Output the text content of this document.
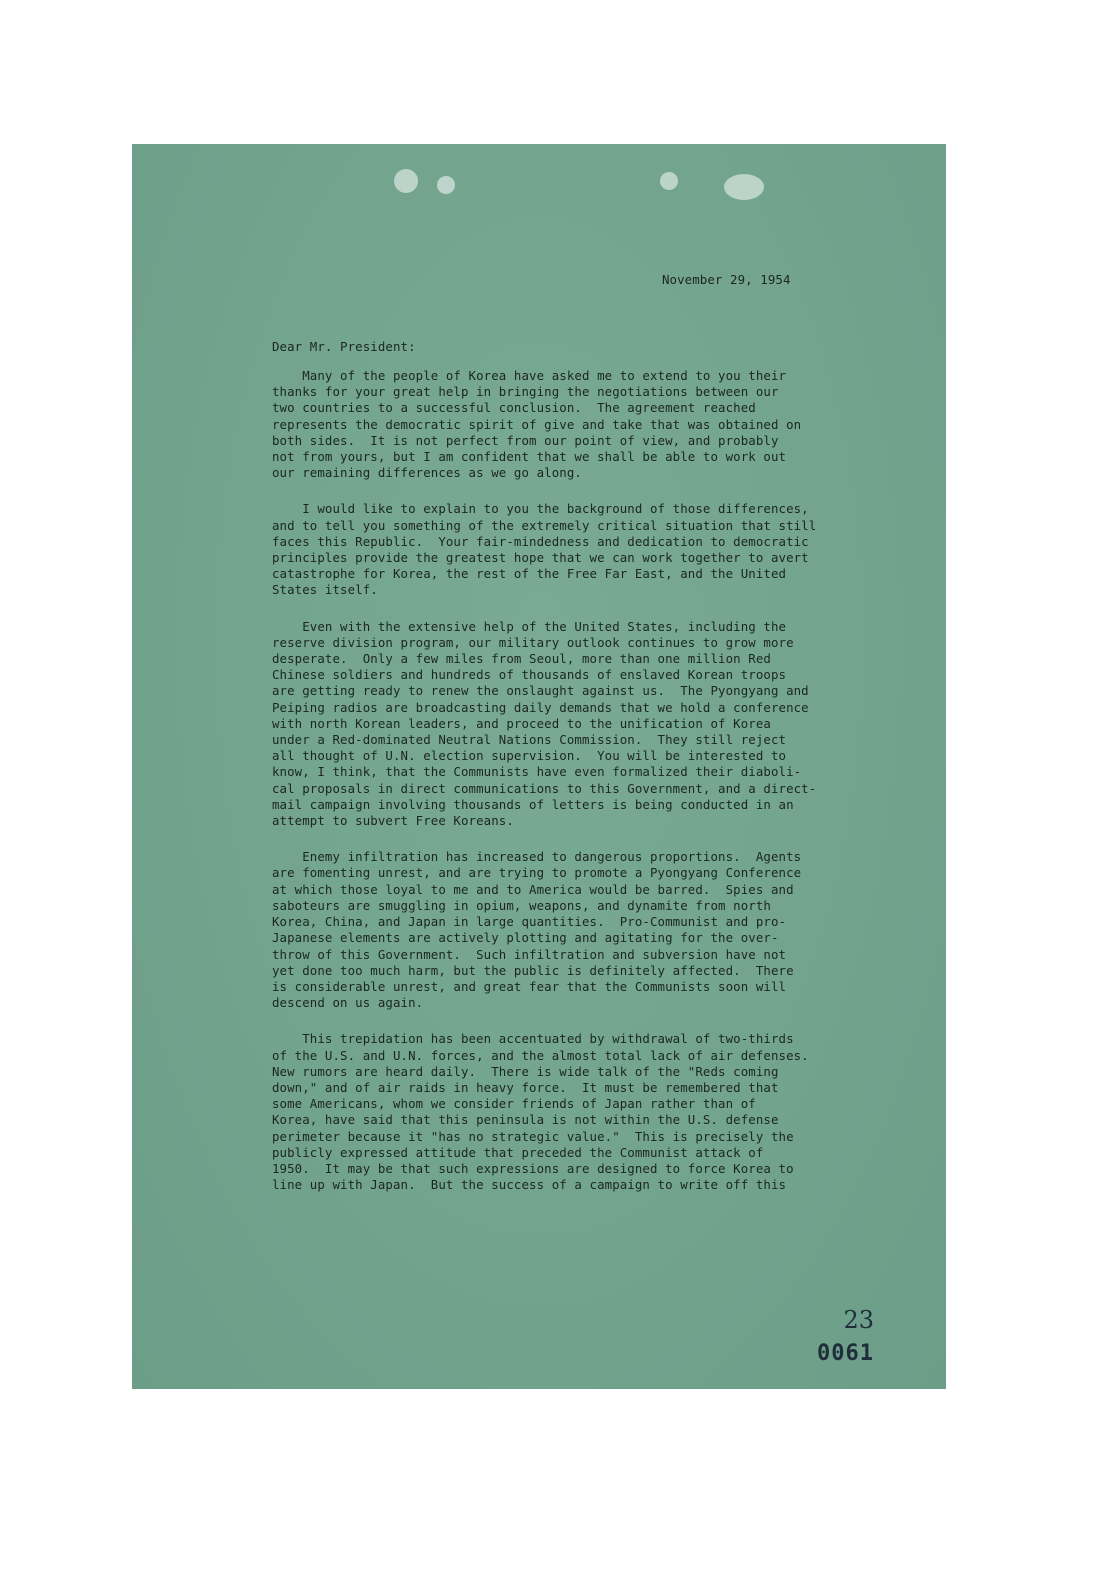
November 29, 1954
Dear Mr. President:

Many of the people of Korea have asked me to extend to you their
thanks for your great help in bringing the negotiations between our
two countries to a successful conclusion.  The agreement reached
represents the democratic spirit of give and take that was obtained on
both sides.  It is not perfect from our point of view, and probably
not from yours, but I am confident that we shall be able to work out
our remaining differences as we go along.

I would like to explain to you the background of those differences,
and to tell you something of the extremely critical situation that still
faces this Republic.  Your fair-mindedness and dedication to democratic
principles provide the greatest hope that we can work together to avert
catastrophe for Korea, the rest of the Free Far East, and the United
States itself.

Even with the extensive help of the United States, including the
reserve division program, our military outlook continues to grow more
desperate.  Only a few miles from Seoul, more than one million Red
Chinese soldiers and hundreds of thousands of enslaved Korean troops
are getting ready to renew the onslaught against us.  The Pyongyang and
Peiping radios are broadcasting daily demands that we hold a conference
with north Korean leaders, and proceed to the unification of Korea
under a Red-dominated Neutral Nations Commission.  They still reject
all thought of U.N. election supervision.  You will be interested to
know, I think, that the Communists have even formalized their diaboli-
cal proposals in direct communications to this Government, and a direct-
mail campaign involving thousands of letters is being conducted in an
attempt to subvert Free Koreans.

Enemy infiltration has increased to dangerous proportions.  Agents
are fomenting unrest, and are trying to promote a Pyongyang Conference
at which those loyal to me and to America would be barred.  Spies and
saboteurs are smuggling in opium, weapons, and dynamite from north
Korea, China, and Japan in large quantities.  Pro-Communist and pro-
Japanese elements are actively plotting and agitating for the over-
throw of this Government.  Such infiltration and subversion have not
yet done too much harm, but the public is definitely affected.  There
is considerable unrest, and great fear that the Communists soon will
descend on us again.

This trepidation has been accentuated by withdrawal of two-thirds
of the U.S. and U.N. forces, and the almost total lack of air defenses.
New rumors are heard daily.  There is wide talk of the "Reds coming
down," and of air raids in heavy force.  It must be remembered that
some Americans, whom we consider friends of Japan rather than of
Korea, have said that this peninsula is not within the U.S. defense
perimeter because it "has no strategic value."  This is precisely the
publicly expressed attitude that preceded the Communist attack of
1950.  It may be that such expressions are designed to force Korea to
line up with Japan.  But the success of a campaign to write off this

23
0061
